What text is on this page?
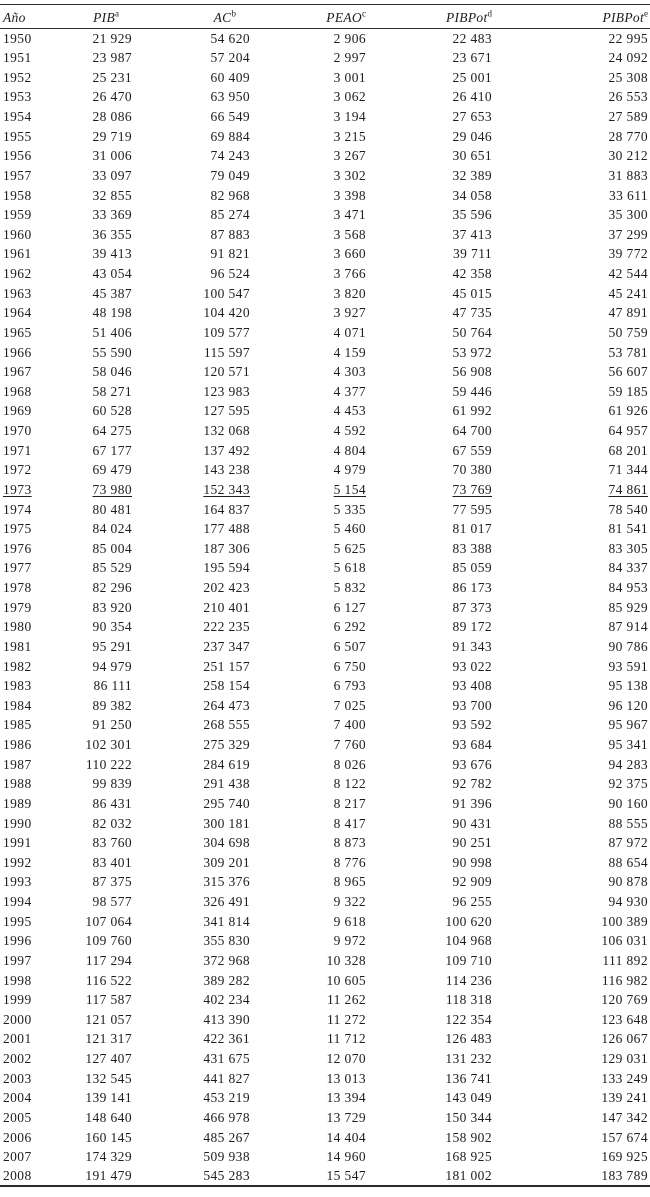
Año	PIB$^a$	$AC^b$	PEAO$^c$	PIBPot$^d$	PIBPot$^e$
1950	21 929	54 620	2 906	22 483	22 995
1951	23 987	57 204	2 997	23 671	24 092
1952	25 231	60 409	3 001	25 001	25 308
1953	26 470	63 950	3 062	26 410	26 553
1954	28 086	66 549	3 194	27 653	27 589
1955	29 719	69 884	3 215	29 046	28 770
1956	31 006	74 243	3 267	30 651	30 212
1957	33 097	79 049	3 302	32 389	31 883
1958	32 855	82 968	3 398	34 058	33 611
1959	33 369	85 274	3 471	35 596	35 300
1960	36 355	87 883	3 568	37 413	37 299
1961	39 413	91 821	3 660	39 711	39 772
1962	43 054	96 524	3 766	42 358	42 544
1963	45 387	100 547	3 820	45 015	45 241
1964	48 198	104 420	3 927	47 735	47 891
1965	51 406	109 577	4 071	50 764	50 759
1966	55 590	115 597	4 159	53 972	53 781
1967	58 046	120 571	4 303	56 908	56 607
1968	58 271	123 983	4 377	59 446	59 185
1969	60 528	127 595	4 453	61 992	61 926
1970	64 275	132 068	4 592	64 700	64 957
1971	67 177	137 492	4 804	67 559	68 201
1972	69 479	143 238	4 979	70 380	71 344
1973	73 980	152 343	5 154	73 769	74 861
1974	80 481	164 837	5 335	77 595	78 540
1975	84 024	177 488	5 460	81 017	81 541
1976	85 004	187 306	5 625	83 388	83 305
1977	85 529	195 594	5 618	85 059	84 337
1978	82 296	202 423	5 832	86 173	84 953
1979	83 920	210 401	6 127	87 373	85 929
1980	90 354	222 235	6 292	89 172	87 914
1981	95 291	237 347	6 507	91 343	90 786
1982	94 979	251 157	6 750	93 022	93 591
1983	86 111	258 154	6 793	93 408	95 138
1984	89 382	264 473	7 025	93 700	96 120
1985	91 250	268 555	7 400	93 592	95 967
1986	102 301	275 329	7 760	93 684	95 341
1987	110 222	284 619	8 026	93 676	94 283
1988	99 839	291 438	8 122	92 782	92 375
1989	86 431	295 740	8 217	91 396	90 160
1990	82 032	300 181	8 417	90 431	88 555
1991	83 760	304 698	8 873	90 251	87 972
1992	83 401	309 201	8 776	90 998	88 654
1993	87 375	315 376	8 965	92 909	90 878
1994	98 577	326 491	9 322	96 255	94 930
1995	107 064	341 814	9 618	100 620	100 389
1996	109 760	355 830	9 972	104 968	106 031
1997	117 294	372 968	10 328	109 710	111 892
1998	116 522	389 282	10 605	114 236	116 982
1999	117 587	402 234	11 262	118 318	120 769
2000	121 057	413 390	11 272	122 354	123 648
2001	121 317	422 361	11 712	126 483	126 067
2002	127 407	431 675	12 070	131 232	129 031
2003	132 545	441 827	13 013	136 741	133 249
2004	139 141	453 219	13 394	143 049	139 241
2005	148 640	466 978	13 729	150 344	147 342
2006	160 145	485 267	14 404	158 902	157 674
2007	174 329	509 938	14 960	168 925	169 925
2008	191 479	545 283	15 547	181 002	183 789
